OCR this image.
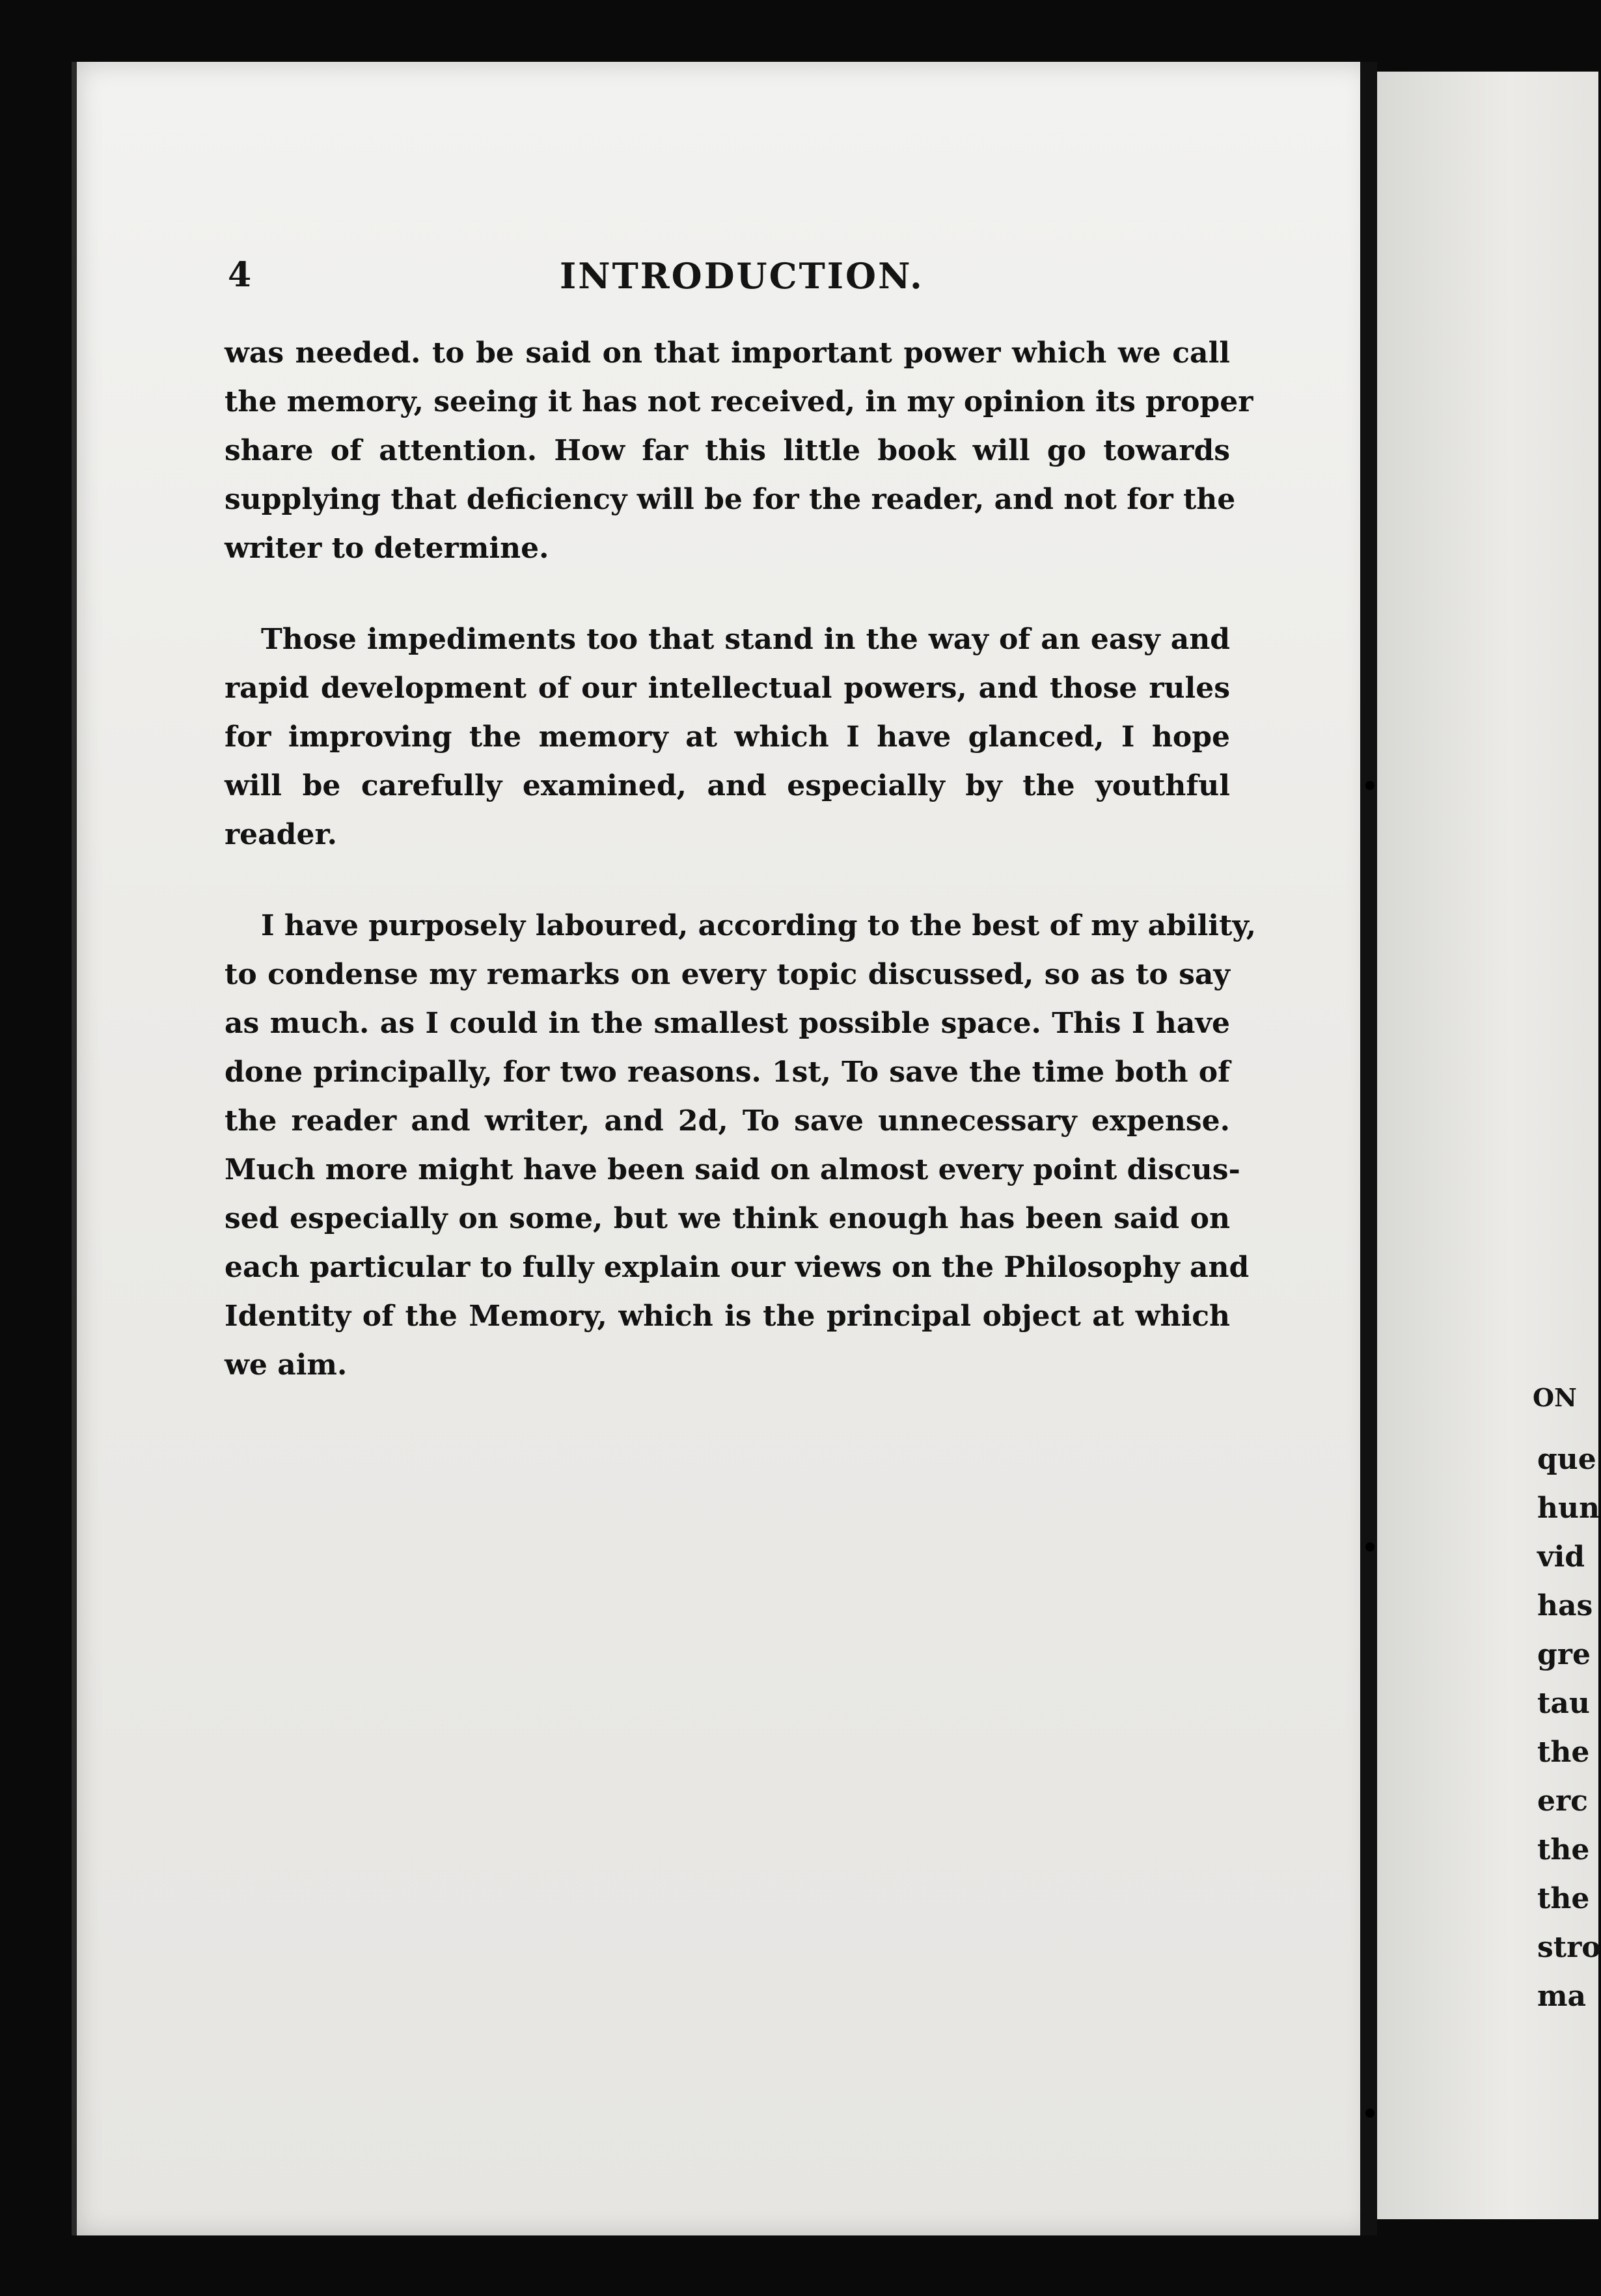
4	INTRODUCTION.
was needed. to be said on that important power which we call
the memory, seeing it has not received, in my opinion its proper
share of attention. How far this little book will go towards
supplying that deficiency will be for the reader, and not for the
writer to determine.
Those impediments too that stand in the way of an easy and
rapid development of our intellectual powers, and those rules
for improving the memory at which I have glanced, I hope
will be carefully examined, and especially by the youthful
reader.
I have purposely laboured, according to the best of my ability,
to condense my remarks on every topic discussed, so as to say
as much. as I could in the smallest possible space. This I have
done principally, for two reasons. 1st, To save the time both of
the reader and writer, and 2d, To save unnecessary expense.
Much more might have been said on almost every point discus-
sed especially on some, but we think enough has been said on
each particular to fully explain our views on the Philosophy and
Identity of the Memory, which is the principal object at which
we aim.
ON
que
hun
vid
has
gre
tau
the
erc
the
the
stro
ma
